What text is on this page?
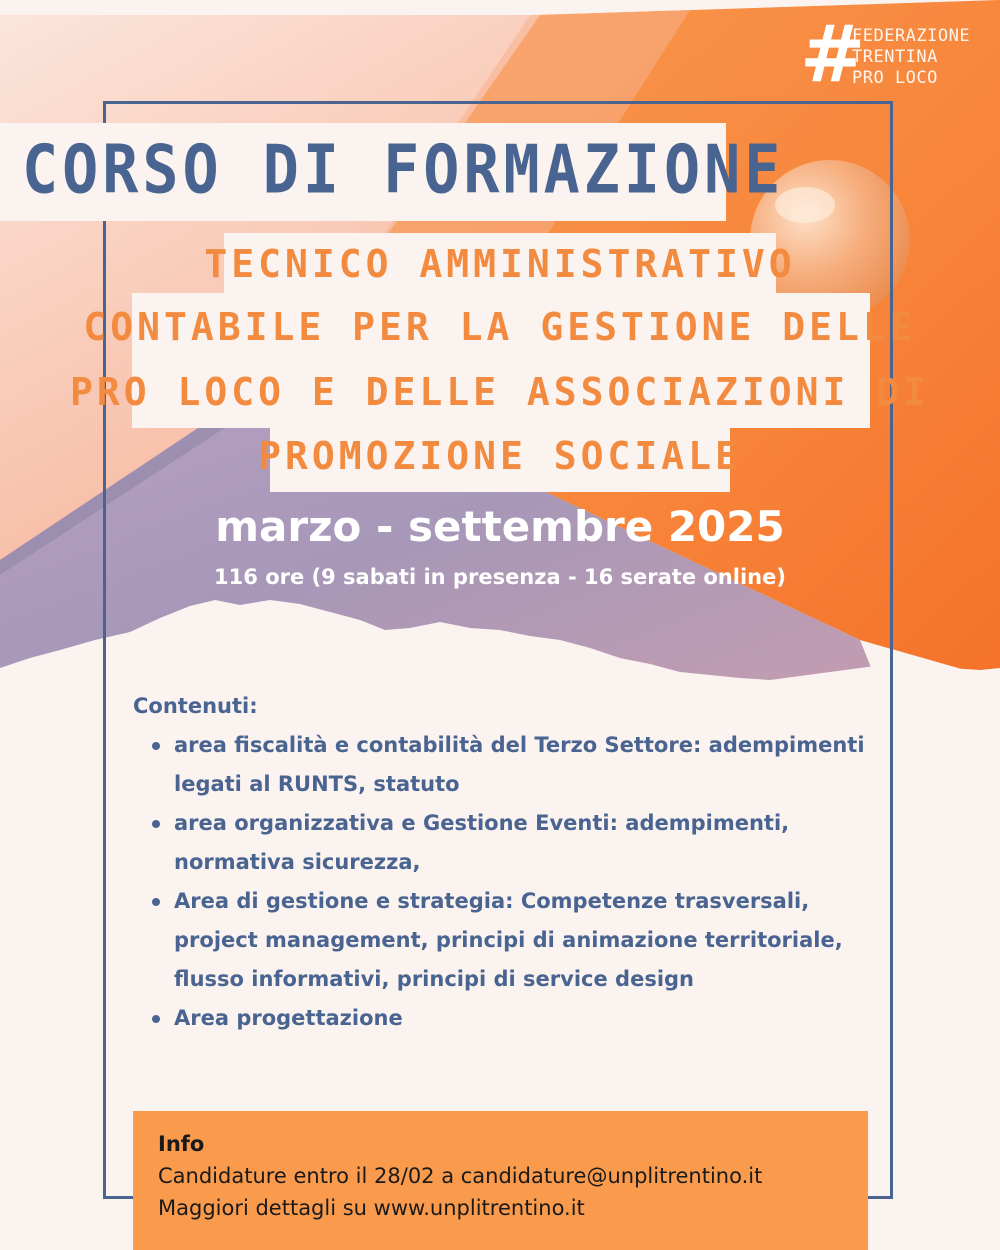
#
FEDERAZIONE
TRENTINA
PRO LOCO
CORSO DI FORMAZIONE
TECNICO AMMINISTRATIVO
CONTABILE PER LA GESTIONE DELLE
PRO LOCO E DELLE ASSOCIAZIONI DI
PROMOZIONE SOCIALE
marzo - settembre 2025
116 ore (9 sabati in presenza - 16 serate online)
Contenuti:
area fiscalità e contabilità del Terzo Settore: adempimenti legati al RUNTS, statuto
area organizzativa e Gestione Eventi: adempimenti, normativa sicurezza,
Area di gestione e strategia: Competenze trasversali, project management, principi di animazione territoriale, flusso informativi, principi di service design
Area progettazione
Info
Candidature entro il 28/02 a candidature@unplitrentino.it
Maggiori dettagli su www.unplitrentino.it
